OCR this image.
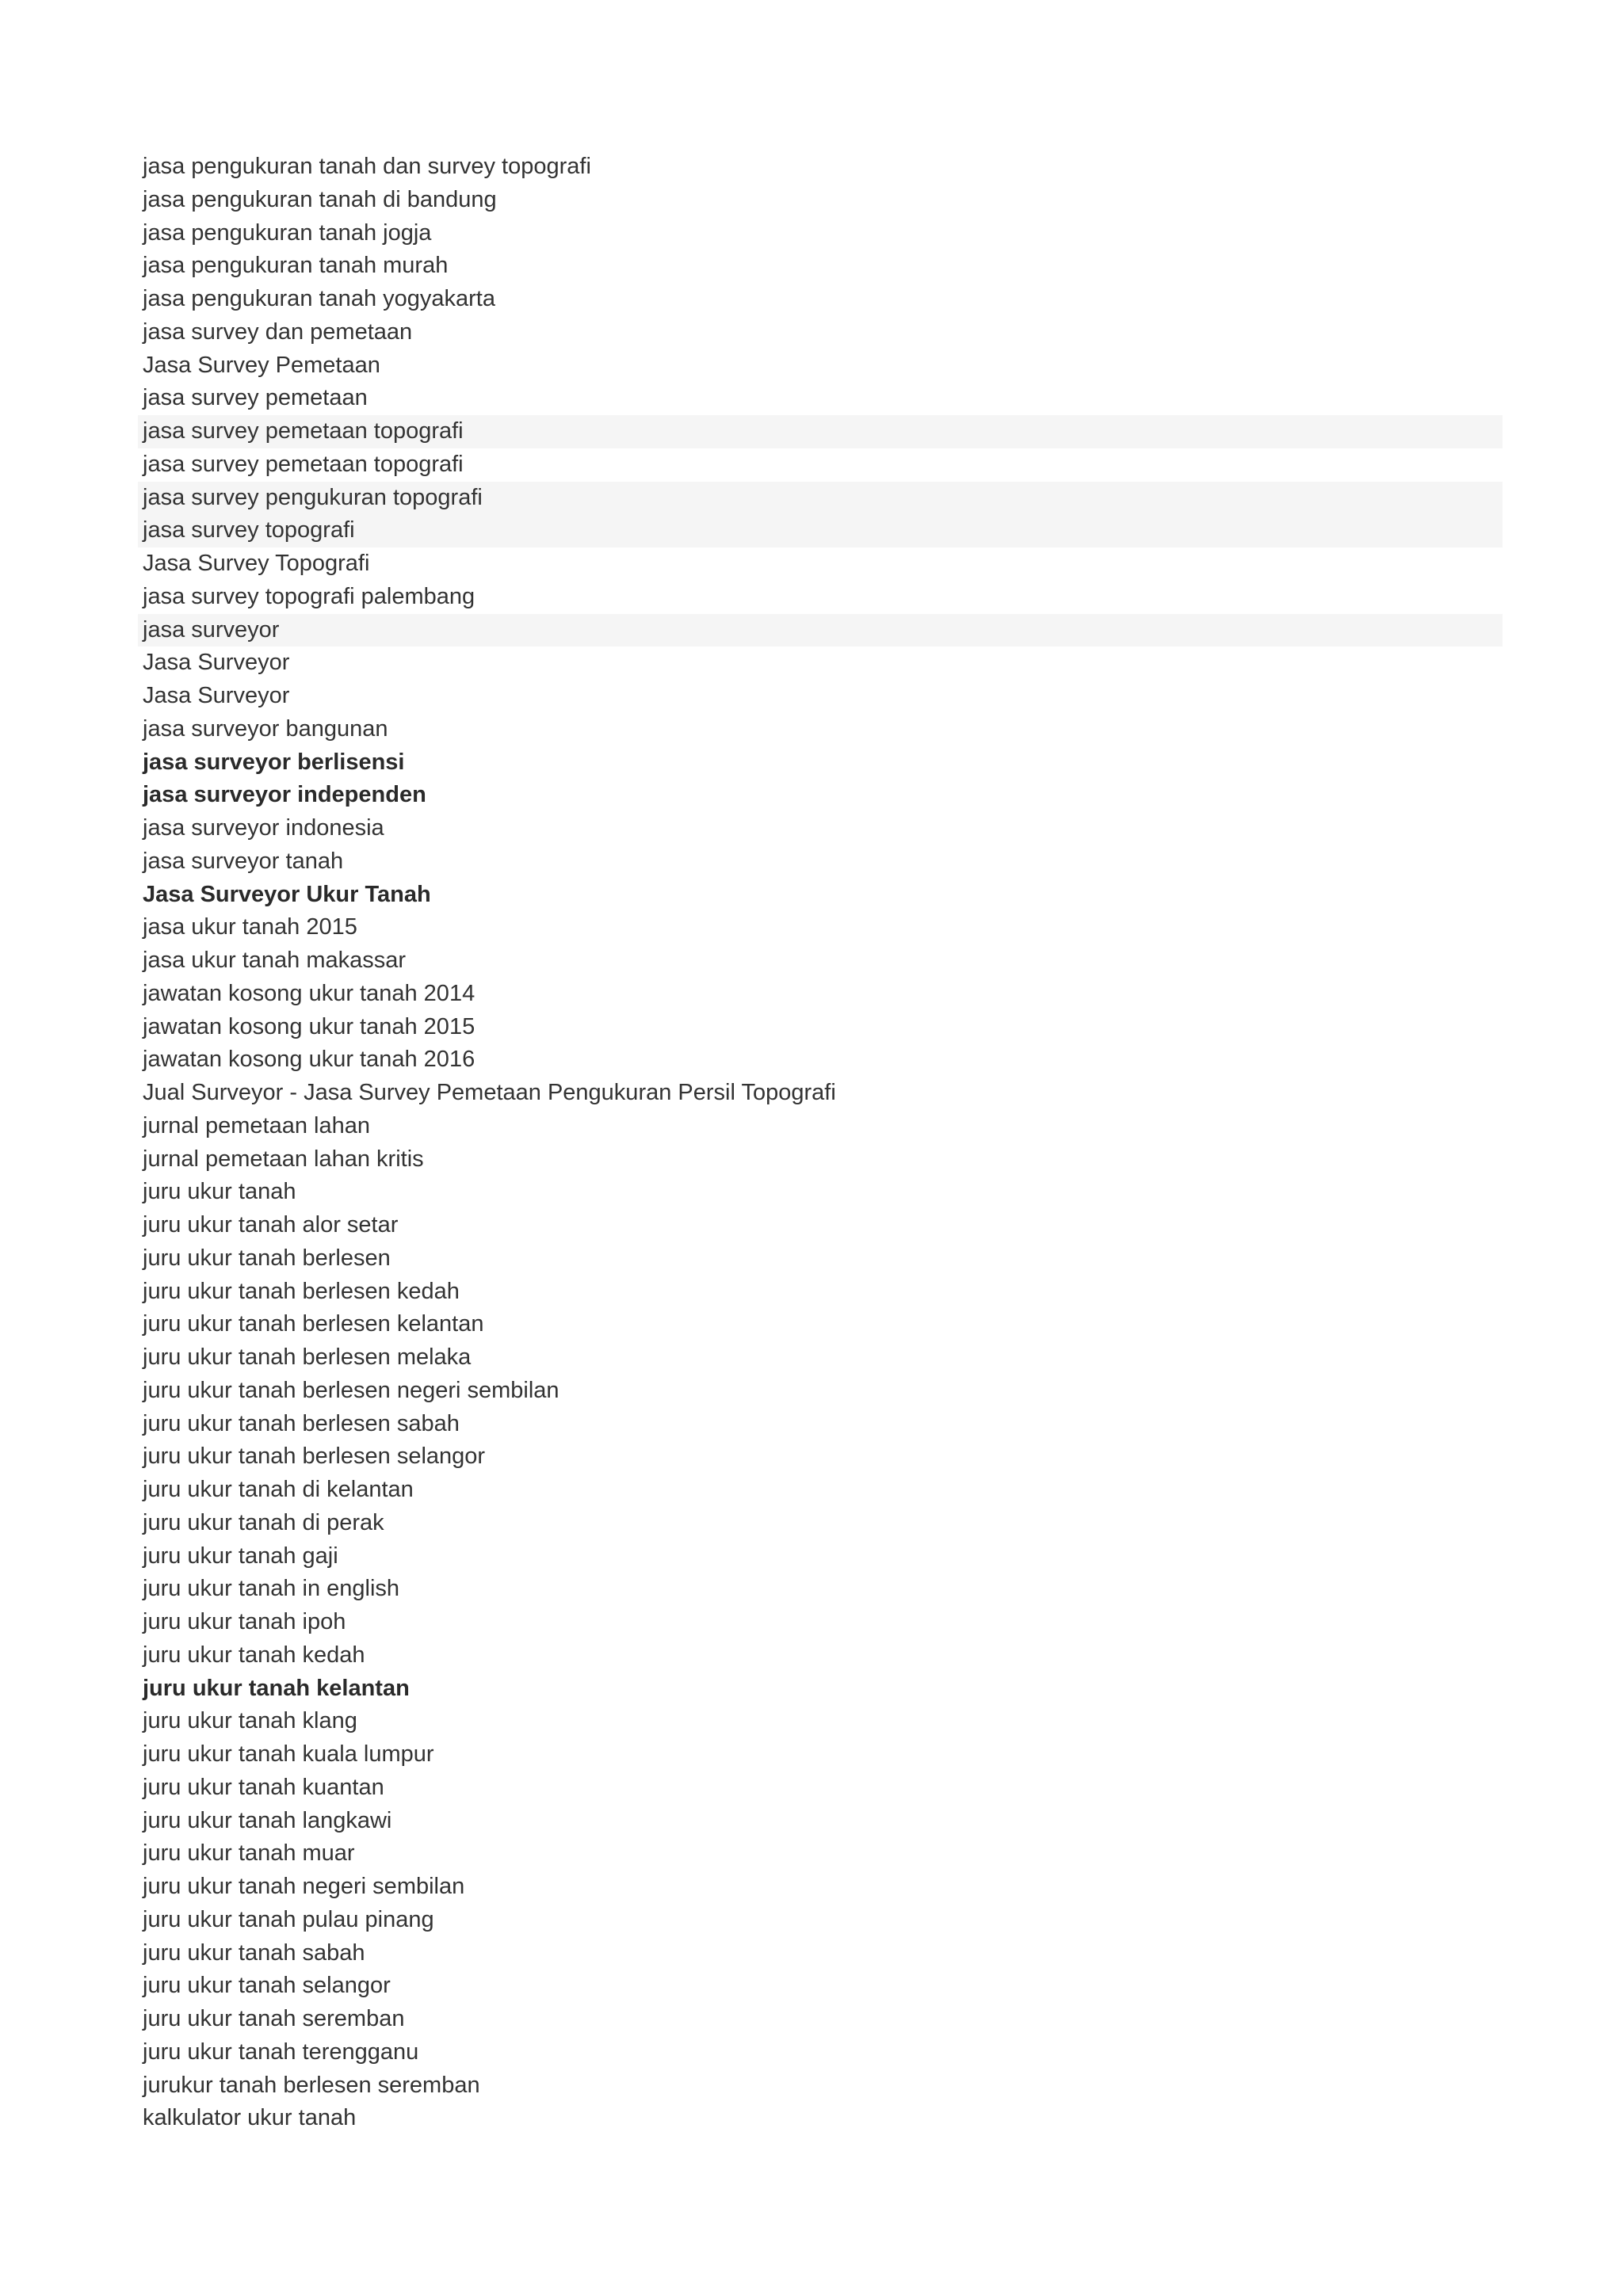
jasa pengukuran tanah dan survey topografi
jasa pengukuran tanah di bandung
jasa pengukuran tanah jogja
jasa pengukuran tanah murah
jasa pengukuran tanah yogyakarta
jasa survey dan pemetaan
Jasa Survey Pemetaan
jasa survey pemetaan
jasa survey pemetaan topografi
jasa survey pemetaan topografi
jasa survey pengukuran topografi
jasa survey topografi
Jasa Survey Topografi
jasa survey topografi palembang
jasa surveyor
Jasa Surveyor
Jasa Surveyor
jasa surveyor bangunan
jasa surveyor berlisensi
jasa surveyor independen
jasa surveyor indonesia
jasa surveyor tanah
Jasa Surveyor Ukur Tanah
jasa ukur tanah 2015
jasa ukur tanah makassar
jawatan kosong ukur tanah 2014
jawatan kosong ukur tanah 2015
jawatan kosong ukur tanah 2016
Jual Surveyor - Jasa Survey Pemetaan Pengukuran Persil Topografi
jurnal pemetaan lahan
jurnal pemetaan lahan kritis
juru ukur tanah
juru ukur tanah alor setar
juru ukur tanah berlesen
juru ukur tanah berlesen kedah
juru ukur tanah berlesen kelantan
juru ukur tanah berlesen melaka
juru ukur tanah berlesen negeri sembilan
juru ukur tanah berlesen sabah
juru ukur tanah berlesen selangor
juru ukur tanah di kelantan
juru ukur tanah di perak
juru ukur tanah gaji
juru ukur tanah in english
juru ukur tanah ipoh
juru ukur tanah kedah
juru ukur tanah kelantan
juru ukur tanah klang
juru ukur tanah kuala lumpur
juru ukur tanah kuantan
juru ukur tanah langkawi
juru ukur tanah muar
juru ukur tanah negeri sembilan
juru ukur tanah pulau pinang
juru ukur tanah sabah
juru ukur tanah selangor
juru ukur tanah seremban
juru ukur tanah terengganu
jurukur tanah berlesen seremban
kalkulator ukur tanah
